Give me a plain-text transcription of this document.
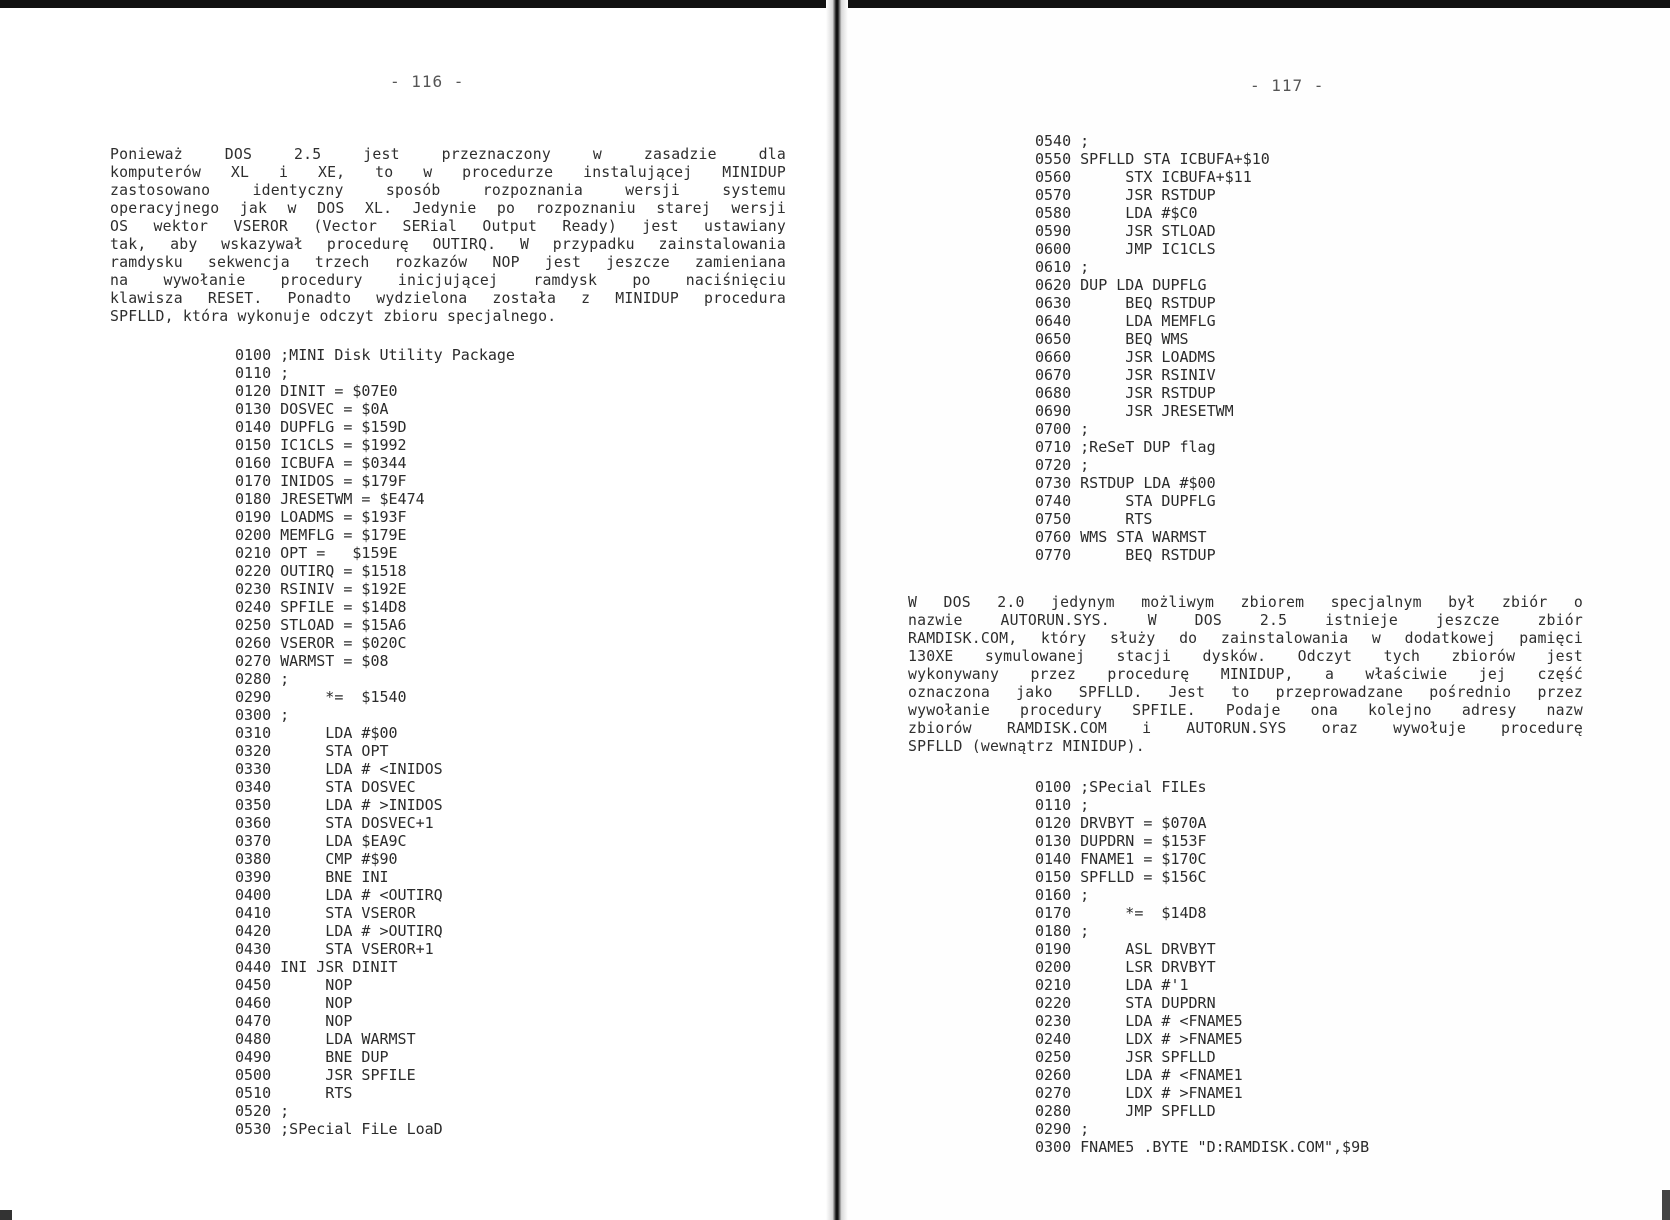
- 116 -
Ponieważ DOS 2.5 jest przeznaczony w zasadzie dla
komputerów XL i XE, to w procedurze instalującej MINIDUP
zastosowano identyczny sposób rozpoznania wersji systemu
operacyjnego jak w DOS XL. Jedynie po rozpoznaniu starej wersji
OS wektor VSEROR (Vector SERial Output Ready) jest ustawiany
tak, aby wskazywał procedurę OUTIRQ. W przypadku zainstalowania
ramdysku sekwencja trzech rozkazów NOP jest jeszcze zamieniana
na wywołanie procedury inicjującej ramdysk po naciśnięciu
klawisza RESET. Ponadto wydzielona została z MINIDUP procedura
SPFLLD, która wykonuje odczyt zbioru specjalnego.
0100 ;MINI Disk Utility Package
0110 ;
0120 DINIT = $07E0
0130 DOSVEC = $0A
0140 DUPFLG = $159D
0150 IC1CLS = $1992
0160 ICBUFA = $0344
0170 INIDOS = $179F
0180 JRESETWM = $E474
0190 LOADMS = $193F
0200 MEMFLG = $179E
0210 OPT =   $159E
0220 OUTIRQ = $1518
0230 RSINIV = $192E
0240 SPFILE = $14D8
0250 STLOAD = $15A6
0260 VSEROR = $020C
0270 WARMST = $08
0280 ;
0290      *=  $1540
0300 ;
0310      LDA #$00
0320      STA OPT
0330      LDA # <INIDOS
0340      STA DOSVEC
0350      LDA # >INIDOS
0360      STA DOSVEC+1
0370      LDA $EA9C
0380      CMP #$90
0390      BNE INI
0400      LDA # <OUTIRQ
0410      STA VSEROR
0420      LDA # >OUTIRQ
0430      STA VSEROR+1
0440 INI JSR DINIT
0450      NOP
0460      NOP
0470      NOP
0480      LDA WARMST
0490      BNE DUP
0500      JSR SPFILE
0510      RTS
0520 ;
0530 ;SPecial FiLe LoaD
- 117 -
0540 ;
0550 SPFLLD STA ICBUFA+$10
0560      STX ICBUFA+$11
0570      JSR RSTDUP
0580      LDA #$C0
0590      JSR STLOAD
0600      JMP IC1CLS
0610 ;
0620 DUP LDA DUPFLG
0630      BEQ RSTDUP
0640      LDA MEMFLG
0650      BEQ WMS
0660      JSR LOADMS
0670      JSR RSINIV
0680      JSR RSTDUP
0690      JSR JRESETWM
0700 ;
0710 ;ReSeT DUP flag
0720 ;
0730 RSTDUP LDA #$00
0740      STA DUPFLG
0750      RTS
0760 WMS STA WARMST
0770      BEQ RSTDUP
W DOS 2.0 jedynym możliwym zbiorem specjalnym był zbiór o
nazwie AUTORUN.SYS. W DOS 2.5 istnieje jeszcze zbiór
RAMDISK.COM, który służy do zainstalowania w dodatkowej pamięci
130XE symulowanej stacji dysków. Odczyt tych zbiorów jest
wykonywany przez procedurę MINIDUP, a właściwie jej część
oznaczona jako SPFLLD. Jest to przeprowadzane pośrednio przez
wywołanie procedury SPFILE. Podaje ona kolejno adresy nazw
zbiorów RAMDISK.COM i AUTORUN.SYS oraz wywołuje procedurę
SPFLLD (wewnątrz MINIDUP).
0100 ;SPecial FILEs
0110 ;
0120 DRVBYT = $070A
0130 DUPDRN = $153F
0140 FNAME1 = $170C
0150 SPFLLD = $156C
0160 ;
0170      *=  $14D8
0180 ;
0190      ASL DRVBYT
0200      LSR DRVBYT
0210      LDA #'1
0220      STA DUPDRN
0230      LDA # <FNAME5
0240      LDX # >FNAME5
0250      JSR SPFLLD
0260      LDA # <FNAME1
0270      LDX # >FNAME1
0280      JMP SPFLLD
0290 ;
0300 FNAME5 .BYTE "D:RAMDISK.COM",$9B
